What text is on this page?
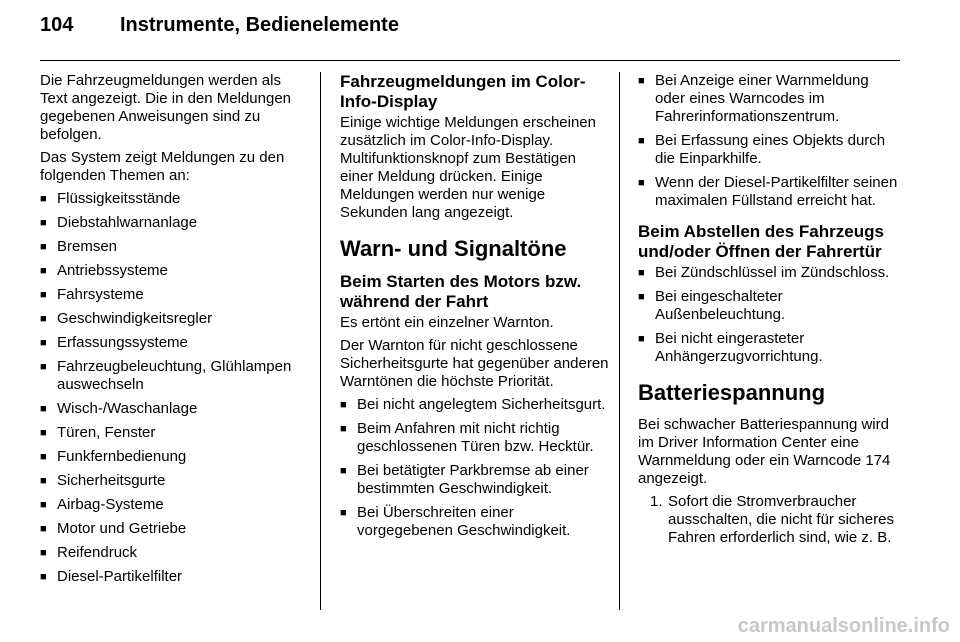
104	Instrumente, Bedienelemente

Die Fahrzeugmeldungen werden als Text angezeigt. Die in den Meldungen gegebenen Anweisungen sind zu befolgen.

Das System zeigt Meldungen zu den folgenden Themen an:

■ Flüssigkeitsstände
■ Diebstahlwarnanlage
■ Bremsen
■ Antriebssysteme
■ Fahrsysteme
■ Geschwindigkeitsregler
■ Erfassungssysteme
■ Fahrzeugbeleuchtung, Glühlampen auswechseln
■ Wisch-/Waschanlage
■ Türen, Fenster
■ Funkfernbedienung
■ Sicherheitsgurte
■ Airbag-Systeme
■ Motor und Getriebe
■ Reifendruck
■ Diesel-Partikelfilter
Fahrzeugmeldungen im Color-Info-Display

Einige wichtige Meldungen erscheinen zusätzlich im Color-Info-Display. Multifunktionsknopf zum Bestätigen einer Meldung drücken. Einige Meldungen werden nur wenige Sekunden lang angezeigt.

Warn- und Signaltöne
Beim Starten des Motors bzw. während der Fahrt

Es ertönt ein einzelner Warnton.

Der Warnton für nicht geschlossene Sicherheitsgurte hat gegenüber anderen Warntönen die höchste Priorität.

■ Bei nicht angelegtem Sicherheitsgurt.
■ Beim Anfahren mit nicht richtig geschlossenen Türen bzw. Hecktür.
■ Bei betätigter Parkbremse ab einer bestimmten Geschwindigkeit.
■ Bei Überschreiten einer vorgegebenen Geschwindigkeit.
■ Bei Anzeige einer Warnmeldung oder eines Warncodes im Fahrerinformationszentrum.
■ Bei Erfassung eines Objekts durch die Einparkhilfe.
■ Wenn der Diesel-Partikelfilter seinen maximalen Füllstand erreicht hat.
Beim Abstellen des Fahrzeugs und/oder Öffnen der Fahrertür
■ Bei Zündschlüssel im Zündschloss.
■ Bei eingeschalteter Außenbeleuchtung.
■ Bei nicht eingerasteter Anhängerzugvorrichtung.
Batteriespannung

Bei schwacher Batteriespannung wird im Driver Information Center eine Warnmeldung oder ein Warncode 174 angezeigt.

1. Sofort die Stromverbraucher ausschalten, die nicht für sicheres Fahren erforderlich sind, wie z. B.
carmanualsonline.info
